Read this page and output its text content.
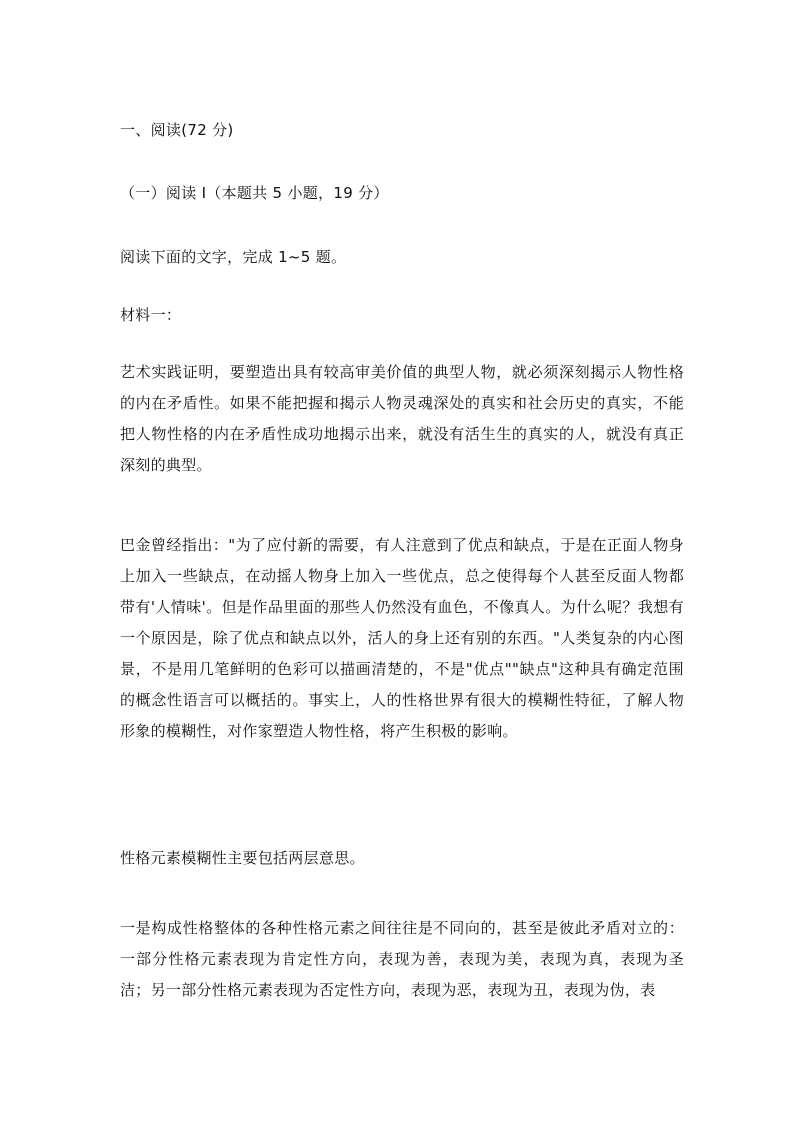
一、阅读(72 分)
（一）阅读 I（本题共 5 小题，19 分）
阅读下面的文字，完成 1~5 题。
材料一：
艺术实践证明，要塑造出具有较高审美价值的典型人物，就必须深刻揭示人物性格的内在矛盾性。如果不能把握和揭示人物灵魂深处的真实和社会历史的真实，不能把人物性格的内在矛盾性成功地揭示出来，就没有活生生的真实的人，就没有真正深刻的典型。
巴金曾经指出："为了应付新的需要，有人注意到了优点和缺点，于是在正面人物身上加入一些缺点，在动摇人物身上加入一些优点，总之使得每个人甚至反面人物都带有'人情味'。但是作品里面的那些人仍然没有血色，不像真人。为什么呢？我想有一个原因是，除了优点和缺点以外，活人的身上还有别的东西。"人类复杂的内心图景，不是用几笔鲜明的色彩可以描画清楚的，不是"优点""缺点"这种具有确定范围的概念性语言可以概括的。事实上，人的性格世界有很大的模糊性特征，了解人物形象的模糊性，对作家塑造人物性格，将产生积极的影响。
性格元素模糊性主要包括两层意思。
一是构成性格整体的各种性格元素之间往往是不同向的，甚至是彼此矛盾对立的：一部分性格元素表现为肯定性方向，表现为善，表现为美，表现为真，表现为圣洁；另一部分性格元素表现为否定性方向，表现为恶，表现为丑，表现为伪，表
